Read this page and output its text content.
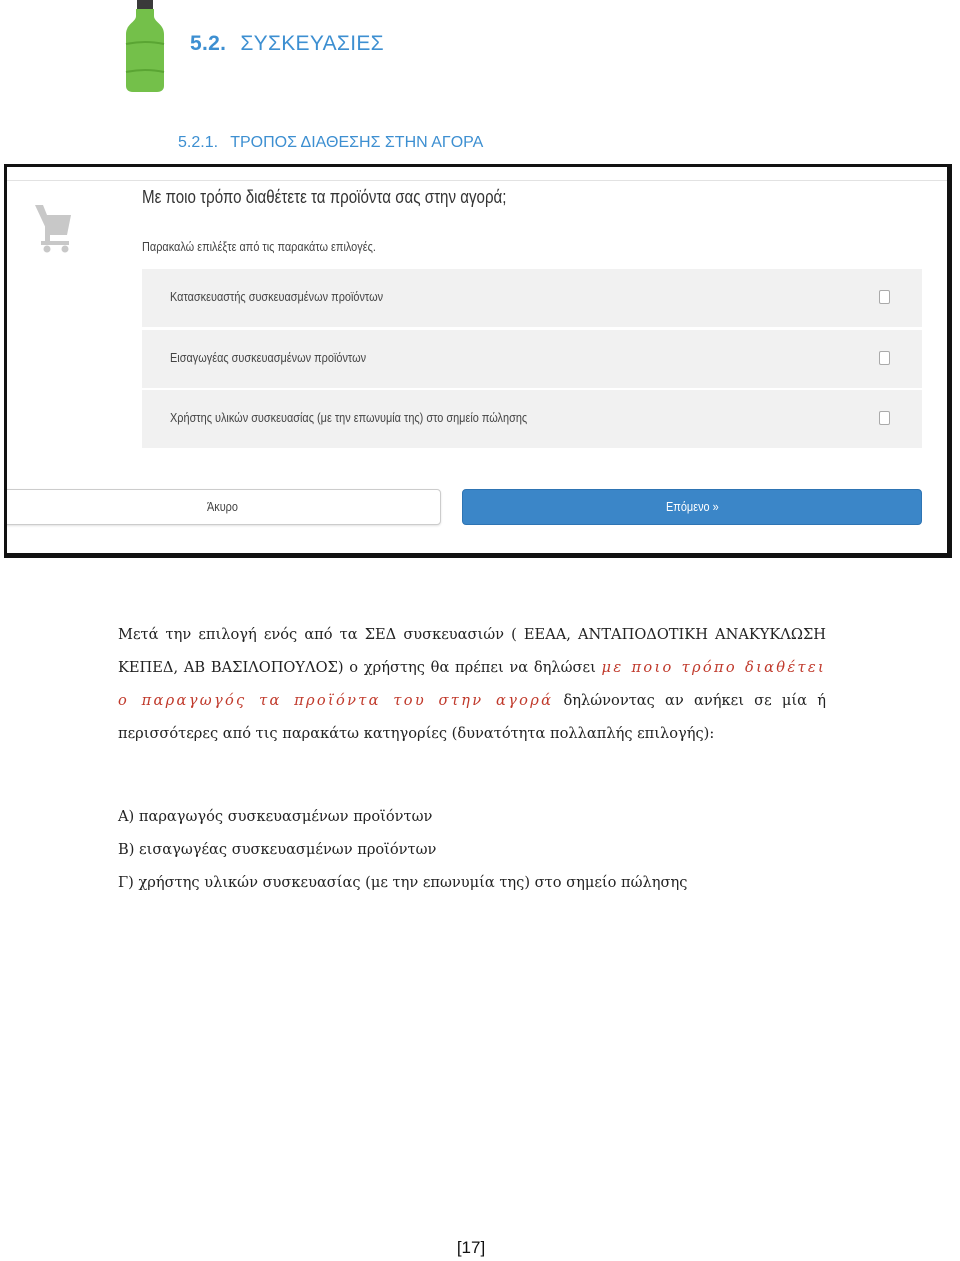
5.2. ΣΥΣΚΕΥΑΣΙΕΣ
5.2.1. ΤΡΟΠΟΣ ΔΙΑΘΕΣΗΣ ΣΤΗΝ ΑΓΟΡΑ
Με ποιο τρόπο διαθέτετε τα προϊόντα σας στην αγορά;
Παρακαλώ επιλέξτε από τις παρακάτω επιλογές.
Κατασκευαστής συσκευασμένων προϊόντων
Εισαγωγέας συσκευασμένων προϊόντων
Χρήστης υλικών συσκευασίας (με την επωνυμία της) στο σημείο πώλησης
Άκυρο	Επόμενο »

Μετά την επιλογή ενός από τα ΣΕΔ συσκευασιών ( ΕΕΑΑ, ΑΝΤΑΠΟΔΟΤΙΚΗ ΑΝΑΚΥΚΛΩΣΗ ΚΕΠΕΔ, ΑΒ ΒΑΣΙΛΟΠΟΥΛΟΣ) ο χρήστης θα πρέπει να δηλώσει με ποιο τρόπο διαθέτει ο παραγωγός τα προϊόντα του στην αγορά δηλώνοντας αν ανήκει σε μία ή περισσότερες από τις παρακάτω κατηγορίες (δυνατότητα πολλαπλής επιλογής):

Α) παραγωγός συσκευασμένων προϊόντων
Β) εισαγωγέας συσκευασμένων προϊόντων
Γ) χρήστης υλικών συσκευασίας (με την επωνυμία της) στο σημείο πώλησης
[17]
